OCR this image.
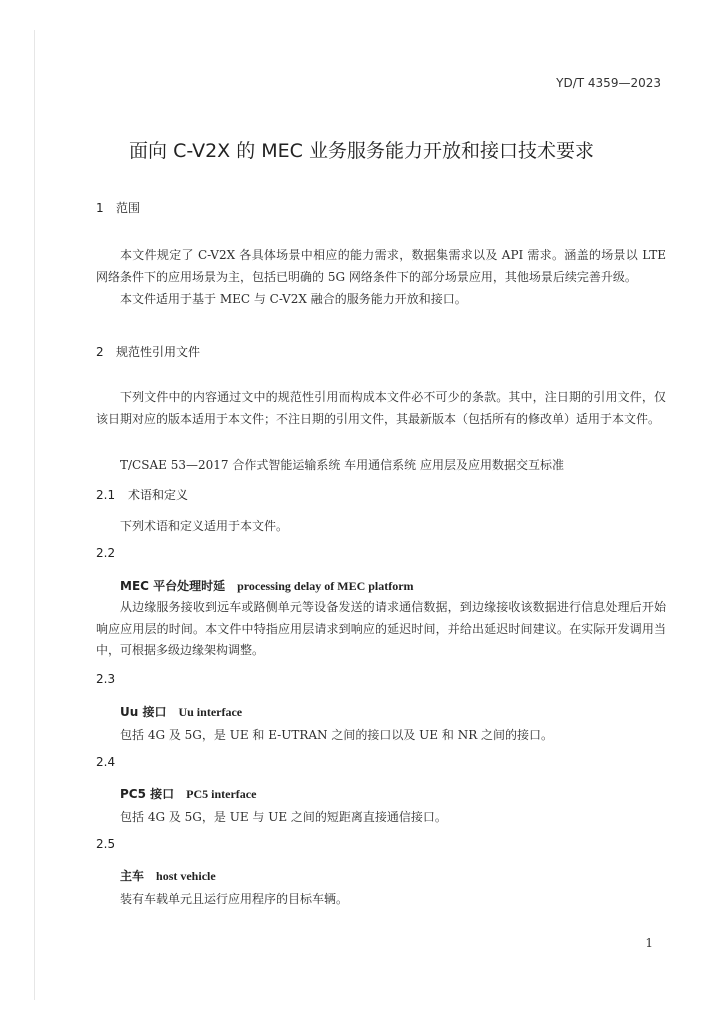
YD/T 4359—2023
面向 C-V2X 的 MEC 业务服务能力开放和接口技术要求
1 范围

本文件规定了 C-V2X 各具体场景中相应的能力需求，数据集需求以及 API 需求。涵盖的场景以 LTE 网络条件下的应用场景为主，包括已明确的 5G 网络条件下的部分场景应用，其他场景后续完善升级。

本文件适用于基于 MEC 与 C-V2X 融合的服务能力开放和接口。

2 规范性引用文件

下列文件中的内容通过文中的规范性引用而构成本文件必不可少的条款。其中，注日期的引用文件，仅该日期对应的版本适用于本文件；不注日期的引用文件，其最新版本（包括所有的修改单）适用于本文件。

T/CSAE 53—2017 合作式智能运输系统 车用通信系统 应用层及应用数据交互标准
2.1 术语和定义
下列术语和定义适用于本文件。
2.2
MEC 平台处理时延 processing delay of MEC platform

从边缘服务接收到远车或路侧单元等设备发送的请求通信数据，到边缘接收该数据进行信息处理后开始响应应用层的时间。本文件中特指应用层请求到响应的延迟时间，并给出延迟时间建议。在实际开发调用当中，可根据多级边缘架构调整。

2.3
Uu 接口 Uu interface
包括 4G 及 5G，是 UE 和 E-UTRAN 之间的接口以及 UE 和 NR 之间的接口。
2.4
PC5 接口 PC5 interface
包括 4G 及 5G，是 UE 与 UE 之间的短距离直接通信接口。
2.5
主车 host vehicle
装有车载单元且运行应用程序的目标车辆。
1
